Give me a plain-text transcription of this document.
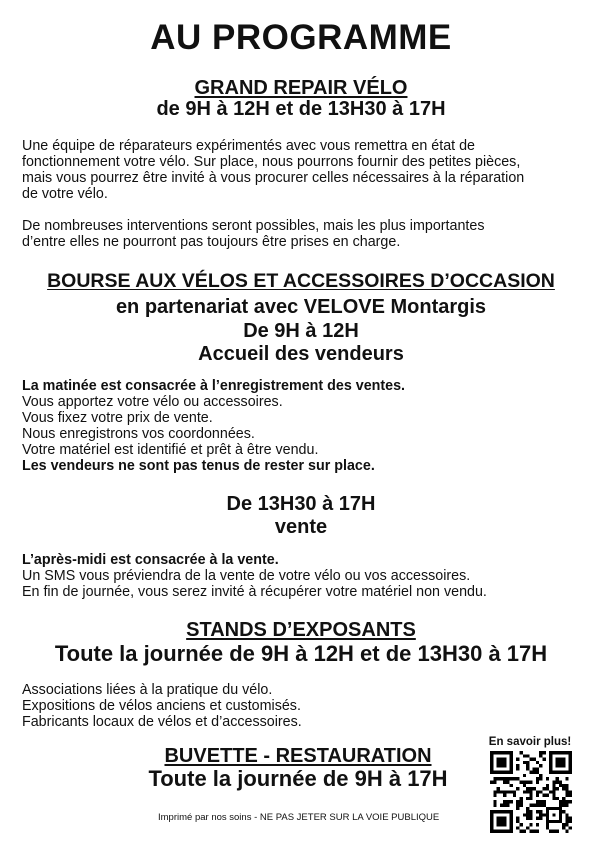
AU PROGRAMME
GRAND REPAIR VÉLO
de 9H à 12H et de 13H30 à 17H
Une équipe de réparateurs expérimentés avec vous remettra en état de
fonctionnement votre vélo. Sur place, nous pourrons fournir des petites pièces,
mais vous pourrez être invité à vous procurer celles nécessaires à la réparation
de votre vélo.
De nombreuses interventions seront possibles, mais les plus importantes
d’entre elles ne pourront pas toujours être prises en charge.
BOURSE AUX VÉLOS ET ACCESSOIRES D’OCCASION
en partenariat avec VELOVE Montargis
De 9H à 12H
Accueil des vendeurs
La matinée est consacrée à l’enregistrement des ventes.
Vous apportez votre vélo ou accessoires.
Vous fixez votre prix de vente.
Nous enregistrons vos coordonnées.
Votre matériel est identifié et prêt à être vendu.
Les vendeurs ne sont pas tenus de rester sur place.
De 13H30 à 17H
vente
L’après-midi est consacrée à la vente.
Un SMS vous préviendra de la vente de votre vélo ou vos accessoires.
En fin de journée, vous serez invité à récupérer votre matériel non vendu.
STANDS D’EXPOSANTS
Toute la journée de 9H à 12H et de 13H30 à 17H
Associations liées à la pratique du vélo.
Expositions de vélos anciens et customisés.
Fabricants locaux de vélos et d’accessoires.
BUVETTE - RESTAURATION
Toute la journée de 9H à 17H
En savoir plus!
Imprimé par nos soins - NE PAS JETER SUR LA VOIE PUBLIQUE
